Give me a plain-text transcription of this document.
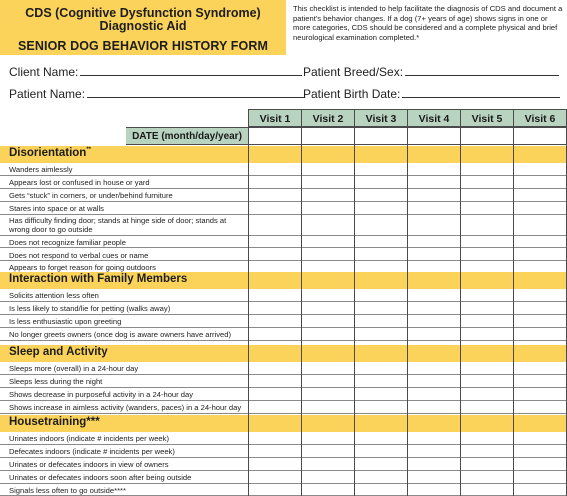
CDS (Cognitive Dysfunction Syndrome)
Diagnostic Aid
SENIOR DOG BEHAVIOR HISTORY FORM
This checklist is intended to help facilitate the diagnosis of CDS and document a patient's behavior changes. If a dog (7+ years of age) shows signs in one or more categories, CDS should be considered and a complete physical and brief neurological examination completed.*
Client Name:	Patient Breed/Sex:
Patient Name:	Patient Birth Date:
Visit 1	Visit 2	Visit 3	Visit 4	Visit 5	Visit 6
DATE (month/day/year)
Disorientation**
Wanders aimlessly
Appears lost or confused in house or yard
Gets “stuck” in corners, or under/behind furniture
Stares into space or at walls
Has difficulty finding door; stands at hinge side of door; stands at wrong door to go outside
Does not recognize familiar people
Does not respond to verbal cues or name
Appears to forget reason for going outdoors
Interaction with Family Members
Solicits attention less often
Is less likely to stand/lie for petting (walks away)
Is less enthusiastic upon greeting
No longer greets owners (once dog is aware owners have arrived)
Sleep and Activity
Sleeps more (overall) in a 24-hour day
Sleeps less during the night
Shows decrease in purposeful activity in a 24-hour day
Shows increase in aimless activity (wanders, paces) in a 24-hour day
Housetraining***
Urinates indoors (indicate # incidents per week)
Defecates indoors (indicate # incidents per week)
Urinates or defecates indoors in view of owners
Urinates or defecates indoors soon after being outside
Signals less often to go outside****
